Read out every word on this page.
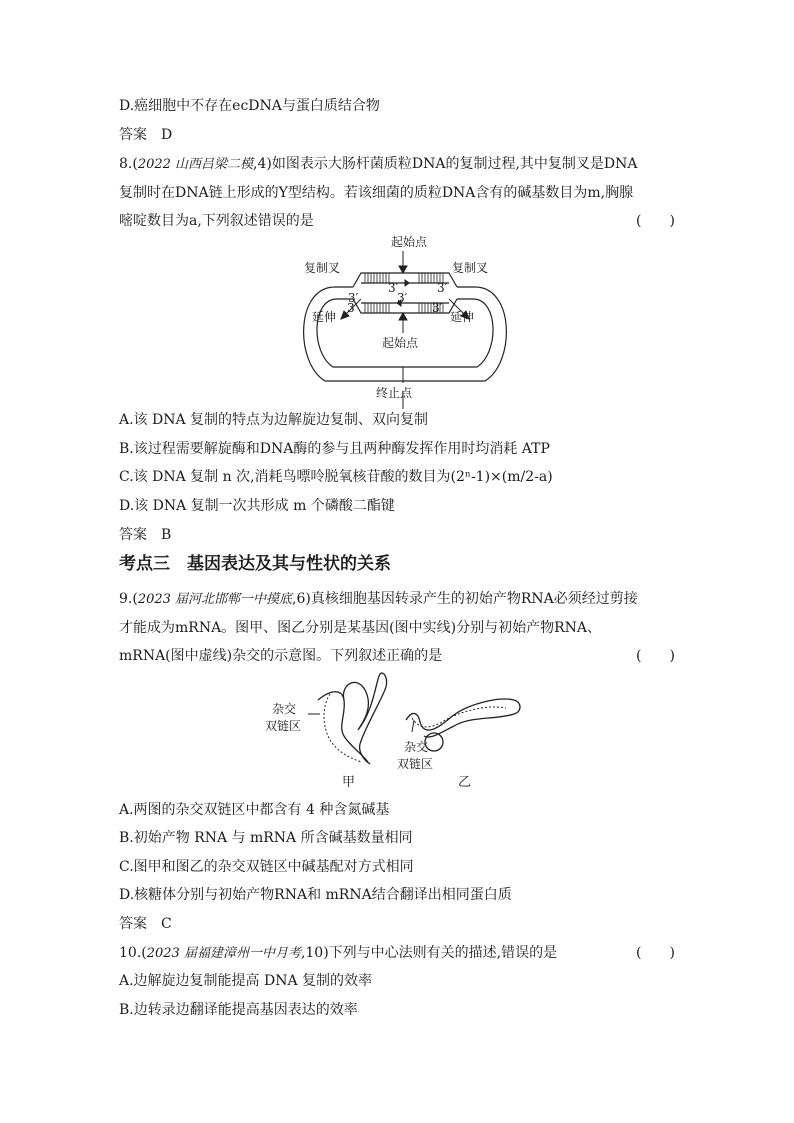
D.癌细胞中不存在ecDNA与蛋白质结合物
答案　D
8.(2022 山西吕梁二模,4)如图表示大肠杆菌质粒DNA的复制过程,其中复制叉是DNA
复制时在DNA链上形成的Y型结构。若该细菌的质粒DNA含有的碱基数目为m,胸腺
嘧啶数目为a,下列叙述错误的是	(　　)
起始点
复制叉	复制叉
3′	3′
3′	3′
3′	3′
延伸	延伸
起始点
终止点
A.该 DNA 复制的特点为边解旋边复制、双向复制
B.该过程需要解旋酶和DNA酶的参与且两种酶发挥作用时均消耗 ATP
C.该 DNA 复制 n 次,消耗鸟嘌呤脱氧核苷酸的数目为(2ⁿ-1)×(m/2-a)
D.该 DNA 复制一次共形成 m 个磷酸二酯键
答案　B
考点三　基因表达及其与性状的关系
9.(2023 届河北邯郸一中摸底,6)真核细胞基因转录产生的初始产物RNA必须经过剪接
才能成为mRNA。图甲、图乙分别是某基因(图中实线)分别与初始产物RNA、
mRNA(图中虚线)杂交的示意图。下列叙述正确的是	(　　)
杂交
双链区
杂交
双链区
甲	乙
A.两图的杂交双链区中都含有 4 种含氮碱基
B.初始产物 RNA 与 mRNA 所含碱基数量相同
C.图甲和图乙的杂交双链区中碱基配对方式相同
D.核糖体分别与初始产物RNA和 mRNA结合翻译出相同蛋白质
答案　C
10.(2023 届福建漳州一中月考,10)下列与中心法则有关的描述,错误的是	(　　)
A.边解旋边复制能提高 DNA 复制的效率
B.边转录边翻译能提高基因表达的效率
